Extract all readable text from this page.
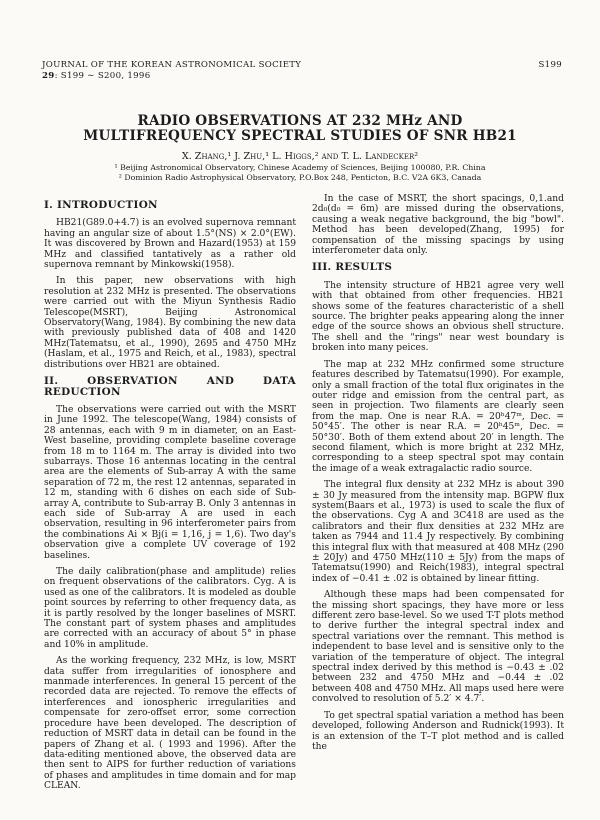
JOURNAL OF THE KOREAN ASTRONOMICAL SOCIETY
29: S199 ∼ S200, 1996
S199
RADIO OBSERVATIONS AT 232 MHz AND
MULTIFREQUENCY SPECTRAL STUDIES OF SNR HB21
X. Zhang,¹ J. Zhu,¹ L. Higgs,² and T. L. Landecker²
¹ Beijing Astronomical Observatory, Chinese Academy of Sciences, Beijing 100080, P.R. China
² Dominion Radio Astrophysical Observatory, P.O.Box 248, Penticton, B.C. V2A 6K3, Canada
I. INTRODUCTION

HB21(G89.0+4.7) is an evolved supernova remnant having an angular size of about 1.5°(NS) × 2.0°(EW). It was discovered by Brown and Hazard(1953) at 159 MHz and classified tantatively as a rather old supernova remnant by Minkowski(1958).

In this paper, new observations with high resolution at 232 MHz is presented. The observations were carried out with the Miyun Synthesis Radio Telescope(MSRT), Beijing Astronomical Observatory(Wang, 1984). By combining the new data with previously published data of 408 and 1420 MHz(Tatematsu, et al., 1990), 2695 and 4750 MHz (Haslam, et al., 1975 and Reich, et al., 1983), spectral distributions over HB21 are obtained.

II. OBSERVATION AND DATA REDUCTION

The observations were carried out with the MSRT in June 1992. The telescope(Wang, 1984) consists of 28 antennas, each with 9 m in diameter, on an East-West baseline, providing complete baseline coverage from 18 m to 1164 m. The array is divided into two subarrays. Those 16 antennas locating in the central area are the elements of Sub-array A with the same separation of 72 m, the rest 12 antennas, separated in 12 m, standing with 6 dishes on each side of Sub-array A, contribute to Sub-array B. Only 3 antennas in each side of Sub-array A are used in each observation, resulting in 96 interferometer pairs from the combinations Ai × Bj(i = 1,16, j = 1,6). Two day's observation give a complete UV coverage of 192 baselines.

The daily calibration(phase and amplitude) relies on frequent observations of the calibrators. Cyg. A is used as one of the calibrators. It is modeled as double point sources by referring to other frequency data, as it is partly resolved by the longer baselines of MSRT. The constant part of system phases and amplitudes are corrected with an accuracy of about 5° in phase and 10% in amplitude.

As the working frequency, 232 MHz, is low, MSRT data suffer from irregularities of ionosphere and manmade interferences. In general 15 percent of the recorded data are rejected. To remove the effects of interferences and ionospheric irregularities and compensate for zero-offset error, some correction procedure have been developed. The description of reduction of MSRT data in detail can be found in the papers of Zhang et al. ( 1993 and 1996). After the data-editing mentioned above, the observed data are then sent to AIPS for further reduction of variations of phases and amplitudes in time domain and for map CLEAN.

In the case of MSRT, the short spacings, 0,1.and 2d₀(d₀ = 6m) are missed during the observations, causing a weak negative background, the big "bowl". Method has been developed(Zhang, 1995) for compensation of the missing spacings by using interferometer data only.

III. RESULTS

The intensity structure of HB21 agree very well with that obtained from other frequencies. HB21 shows some of the features characteristic of a shell source. The brighter peaks appearing along the inner edge of the source shows an obvious shell structure. The shell and the "rings" near west boundary is broken into many peices.

The map at 232 MHz confirmed some structure features described by Tatematsu(1990). For example, only a small fraction of the total flux originates in the outer ridge and emission from the central part, as seen in projection. Two filaments are clearly seen from the map. One is near R.A. = 20ʰ47ᵐ, Dec. = 50°45′. The other is near R.A. = 20ʰ45ᵐ, Dec. = 50°30′. Both of them extend about 20′ in length. The second filament, which is more bright at 232 MHz, corresponding to a steep spectral spot may contain the image of a weak extragalactic radio source.

The integral flux density at 232 MHz is about 390 ± 30 Jy measured from the intensity map. BGPW flux system(Baars et al., 1973) is used to scale the flux of the observations. Cyg A and 3C418 are used as the calibrators and their flux densities at 232 MHz are taken as 7944 and 11.4 Jy respectively. By combining this integral flux with that measured at 408 MHz (290 ± 20Jy) and 4750 MHz(110 ± 5Jy) from the maps of Tatematsu(1990) and Reich(1983), integral spectral index of −0.41 ± .02 is obtained by linear fitting.

Although these maps had been compensated for the missing short spacings, they have more or less different zero base-level. So we used T-T plots method to derive further the integral spectral index and spectral variations over the remnant. This method is independent to base level and is sensitive only to the variation of the temperature of object. The integral spectral index derived by this method is −0.43 ± .02 between 232 and 4750 MHz and −0.44 ± .02 between 408 and 4750 MHz. All maps used here were convolved to resolution of 5.2′ × 4.7′.

To get spectral spatial variation a method has been developed, following Anderson and Rudnick(1993). It is an extension of the T–T plot method and is called the
